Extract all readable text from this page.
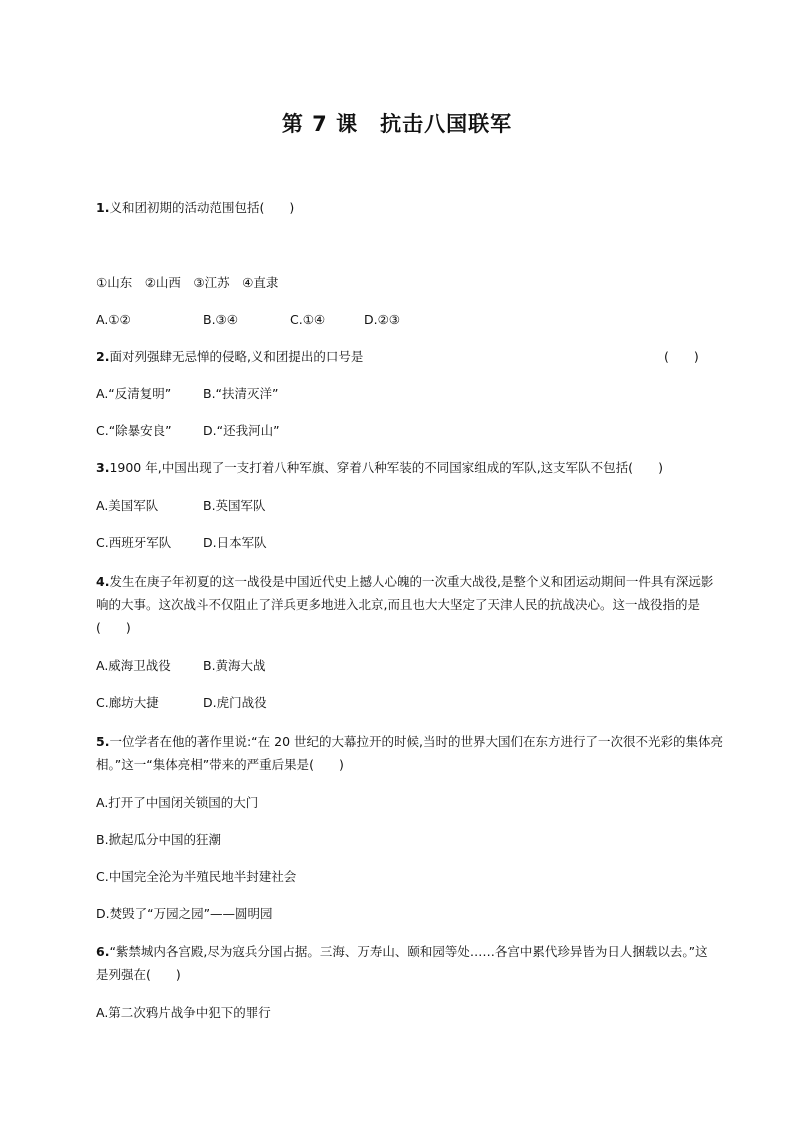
第 7 课　抗击八国联军
1.义和团初期的活动范围包括(　　)
①山东　②山西　③江苏　④直隶
A.①②	B.③④	C.①④	D.②③
2.面对列强肆无忌惮的侵略,义和团提出的口号是	(　　)
A.“反清复明”	B.“扶清灭洋”
C.“除暴安良”	D.“还我河山”
3.1900 年,中国出现了一支打着八种军旗、穿着八种军装的不同国家组成的军队,这支军队不包括(　　)
A.美国军队	B.英国军队
C.西班牙军队	D.日本军队
4.发生在庚子年初夏的这一战役是中国近代史上撼人心魄的一次重大战役,是整个义和团运动期间一件具有深远影
响的大事。这次战斗不仅阻止了洋兵更多地进入北京,而且也大大坚定了天津人民的抗战决心。这一战役指的是
(　　)
A.威海卫战役	B.黄海大战
C.廊坊大捷	D.虎门战役
5.一位学者在他的著作里说:“在 20 世纪的大幕拉开的时候,当时的世界大国们在东方进行了一次很不光彩的集体亮
相。”这一“集体亮相”带来的严重后果是(　　)
A.打开了中国闭关锁国的大门
B.掀起瓜分中国的狂潮
C.中国完全沦为半殖民地半封建社会
D.焚毁了“万园之园”——圆明园
6.“紫禁城内各宫殿,尽为寇兵分国占据。三海、万寿山、颐和园等处……各宫中累代珍异皆为日人捆载以去。”这
是列强在(　　)
A.第二次鸦片战争中犯下的罪行
